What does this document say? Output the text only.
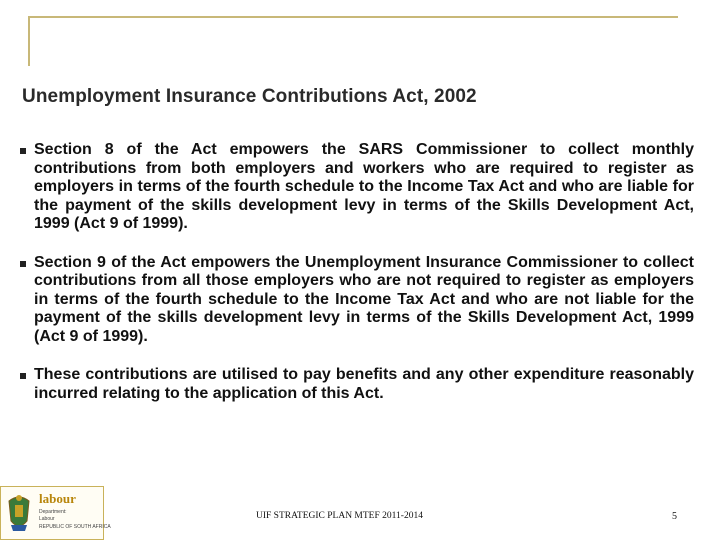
Unemployment Insurance Contributions Act, 2002
Section 8 of the Act empowers the SARS Commissioner to collect monthly contributions from both employers and workers who are required to register as employers in terms of the fourth schedule to the Income Tax Act and who are liable for the payment of the skills development levy in terms of the Skills Development Act, 1999 (Act 9 of 1999).
Section 9 of the Act empowers the Unemployment Insurance Commissioner to collect contributions from all those employers who are not required to register as employers in terms of the fourth schedule to the Income Tax Act and who are not liable for the payment of the skills development levy in terms of the Skills Development Act, 1999 (Act 9 of 1999).
These contributions are utilised to pay benefits and any other expenditure reasonably incurred relating to the application of this Act.
labour
Department:
Labour
REPUBLIC OF SOUTH AFRICA
UIF STRATEGIC PLAN MTEF 2011-2014	5
